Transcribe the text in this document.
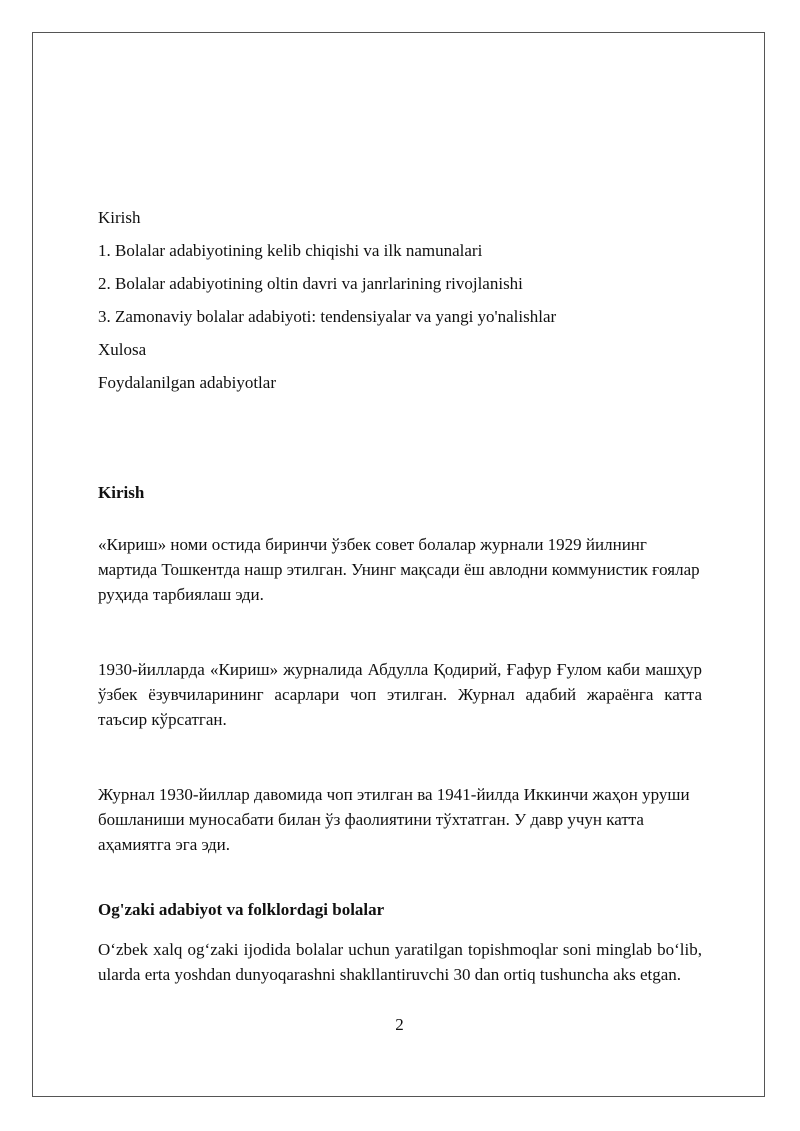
Kirish
1. Bolalar adabiyotining kelib chiqishi va ilk namunalari
2. Bolalar adabiyotining oltin davri va janrlarining rivojlanishi
3. Zamonaviy bolalar adabiyoti: tendensiyalar va yangi yo'nalishlar
Xulosa
Foydalanilgan adabiyotlar
Kirish
«Кириш» номи остида биринчи ўзбек совет болалар журнали 1929 йилнинг мартида Тошкентда нашр этилган. Унинг мақсади ёш авлодни коммунистик ғоялар руҳида тарбиялаш эди.
1930-йилларда «Кириш» журналида Абдулла Қодирий, Ғафур Ғулом каби машҳур ўзбек ёзувчиларининг асарлари чоп этилган. Журнал адабий жараёнга катта таъсир кўрсатган.
Журнал 1930-йиллар давомида чоп этилган ва 1941-йилда Иккинчи жаҳон уруши бошланиши муносабати билан ўз фаолиятини тўхтатган. У давр учун катта аҳамиятга эга эди.
Og'zaki adabiyot va folklordagi bolalar
O‘zbek xalq og‘zaki ijodida bolalar uchun yaratilgan topishmoqlar soni minglab bo‘lib, ularda erta yoshdan dunyoqarashni shakllantiruvchi 30 dan ortiq tushuncha aks etgan.
2
